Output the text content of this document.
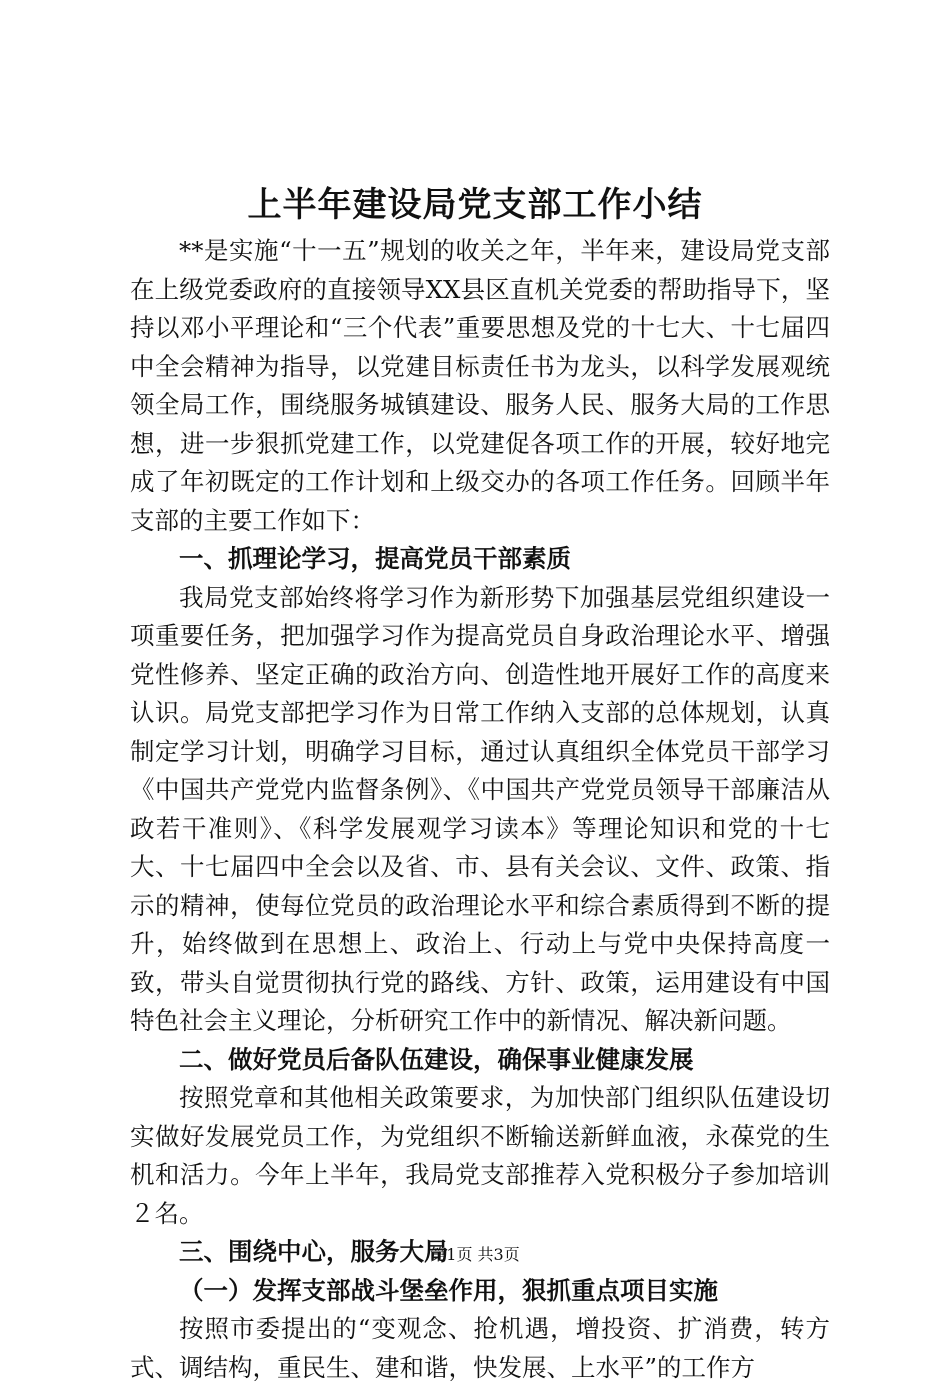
上半年建设局党支部工作小结

**是实施“十一五”规划的收关之年，半年来，建设局党支部在上级党委政府的直接领导XX县区直机关党委的帮助指导下，坚持以邓小平理论和“三个代表”重要思想及党的十七大、十七届四中全会精神为指导，以党建目标责任书为龙头，以科学发展观统领全局工作，围绕服务城镇建设、服务人民、服务大局的工作思想，进一步狠抓党建工作，以党建促各项工作的开展，较好地完成了年初既定的工作计划和上级交办的各项工作任务。回顾半年支部的主要工作如下：

一、抓理论学习，提高党员干部素质

我局党支部始终将学习作为新形势下加强基层党组织建设一项重要任务，把加强学习作为提高党员自身政治理论水平、增强党性修养、坚定正确的政治方向、创造性地开展好工作的高度来认识。局党支部把学习作为日常工作纳入支部的总体规划，认真制定学习计划，明确学习目标，通过认真组织全体党员干部学习《中国共产党党内监督条例》、《中国共产党党员领导干部廉洁从政若干准则》、《科学发展观学习读本》等理论知识和党的十七大、十七届四中全会以及省、市、县有关会议、文件、政策、指示的精神，使每位党员的政治理论水平和综合素质得到不断的提升，始终做到在思想上、政治上、行动上与党中央保持高度一致，带头自觉贯彻执行党的路线、方针、政策，运用建设有中国特色社会主义理论，分析研究工作中的新情况、解决新问题。

二、做好党员后备队伍建设，确保事业健康发展

按照党章和其他相关政策要求，为加快部门组织队伍建设切实做好发展党员工作，为党组织不断输送新鲜血液，永葆党的生机和活力。今年上半年，我局党支部推荐入党积极分子参加培训２名。

三、围绕中心，服务大局

（一）发挥支部战斗堡垒作用，狠抓重点项目实施

按照市委提出的“变观念、抢机遇，增投资、扩消费，转方式、调结构，重民生、建和谐，快发展、上水平”的工作方

第1页 共3页
